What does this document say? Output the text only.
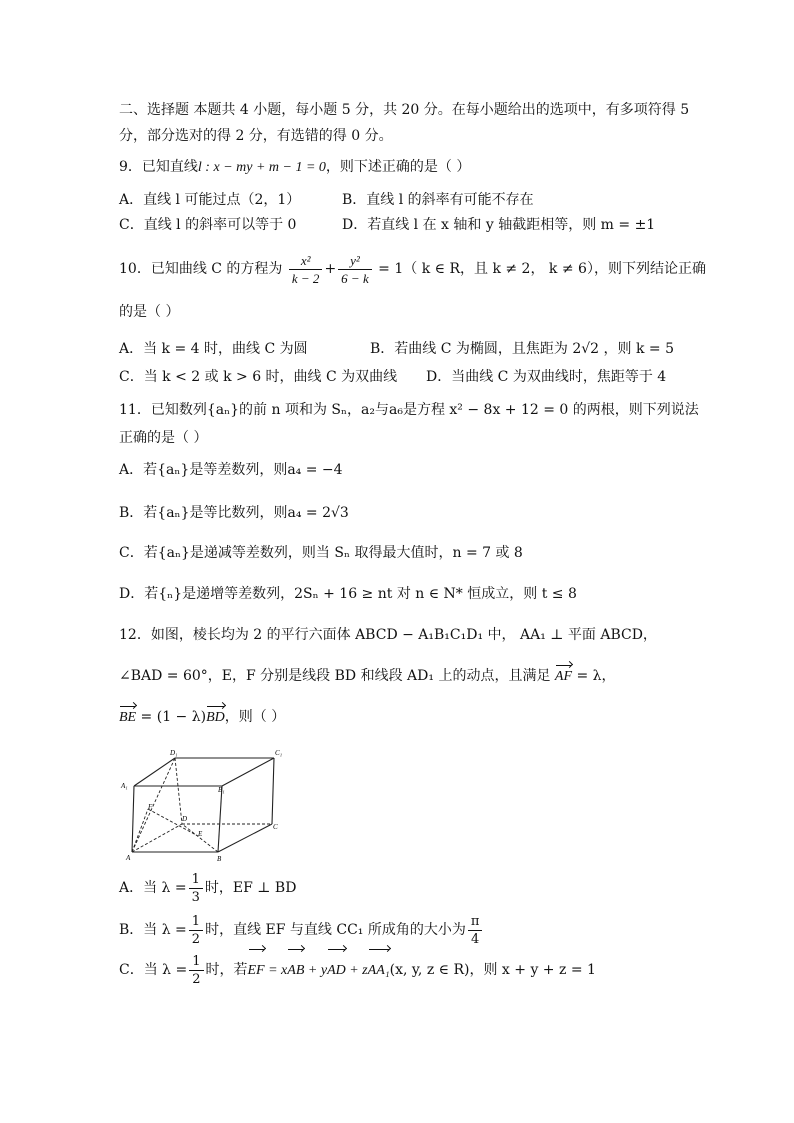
二、选择题 本题共 4 小题，每小题 5 分，共 20 分。在每小题给出的选项中，有多项符得 5
分，部分选对的得 2 分，有选错的得 0 分。
9．已知直线l : x − my + m − 1 = 0，则下述正确的是（ ）
A．直线 l 可能过点（2，1）	B．直线 l 的斜率有可能不存在
C．直线 l 的斜率可以等于 0	D．若直线 l 在 x 轴和 y 轴截距相等，则 m = ±1
10．已知曲线 C 的方程为 $\frac{\text{x²}}{k - 2} + \frac{\text{y²}}{6 - k} = 1$（ k ∈ R，且 k ≠ 2， k ≠ 6），则下列结论正确
的是（ ）
A．当 k = 4 时，曲线 C 为圆	B．若曲线 C 为椭圆，且焦距为 2√2 ，则 k = 5
C．当 k < 2 或 k > 6 时，曲线 C 为双曲线 D．当曲线 C 为双曲线时，焦距等于 4
11．已知数列{aₙ}的前 n 项和为 Sₙ，a₂与a₆是方程 x² − 8x + 12 = 0 的两根，则下列说法
正确的是（ ）
A．若{aₙ}是等差数列，则a₄ = −4
B．若{aₙ}是等比数列，则a₄ = 2√3
C．若{aₙ}是递减等差数列，则当 Sₙ 取得最大值时，n = 7 或 8
D．若{ₙ}是递增等差数列，2Sₙ + 16 ≥ nt 对 n ∈ N* 恒成立，则 t ≤ 8
12．如图，棱长均为 2 的平行六面体 ABCD − A₁B₁C₁D₁ 中， AA₁ ⊥ 平面 ABCD，
∠BAD = 60°，E，F 分别是线段 BD 和线段 AD₁ 上的动点，且满足 AF = λ，
BE = (1 − λ)BD，则（ ）
D₁	C₁
A₁	B₁
F
D
E
C
A	B
A．当 $\lambda = \frac{1}{3}$ 时，EF ⊥ BD
B．当 $\lambda = \frac{1}{2}$ 时，直线 EF 与直线 CC₁ 所成角的大小为 $\frac{\pi}{4}$
C．当 $\lambda = \frac{1}{2}$ 时，若EF = xAB + yAD + zAA₁(x, y, z ∈ R)，则 x + y + z = 1
